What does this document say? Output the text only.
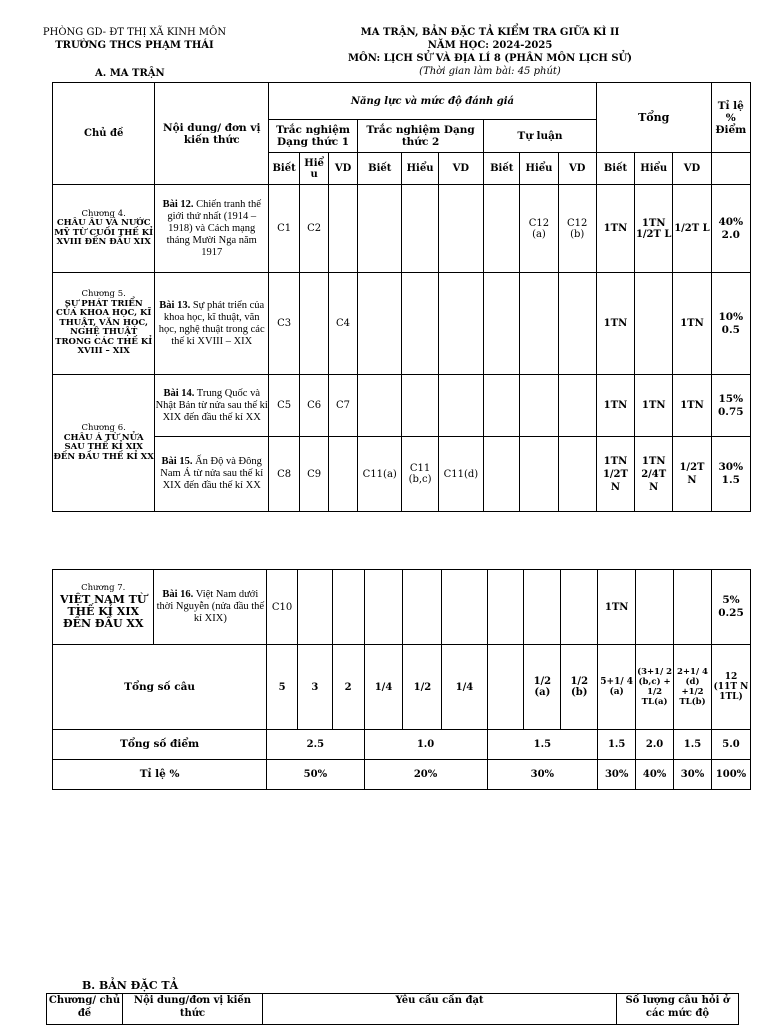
PHÒNG GD- ĐT THỊ XÃ KINH MÔN
TRƯỜNG THCS PHẠM THÁI
MA TRẬN, BẢN ĐẶC TẢ KIỂM TRA GIỮA KÌ II
NĂM HỌC: 2024-2025
MÔN: LỊCH SỬ VÀ ĐỊA LÍ 8 (PHÂN MÔN LỊCH SỬ)
(Thời gian làm bài: 45 phút)
A. MA TRẬN
Chủ đề	Nội dung/ đơn vị kiến thức	Năng lực và mức độ đánh giá									Tổng			Tỉ lệ % Điểm
		Trắc nghiệm Dạng thức 1			Trắc nghiệm Dạng thức 2			Tự luận						
		Biết	Hiể u	VD	Biết	Hiểu	VD	Biết	Hiểu	VD	Biết	Hiểu	VD	

Chương 4.
CHÂU ÂU VÀ NƯỚC MỸ TỪ CUỐI THẾ KỈ XVIII ĐẾN ĐẦU XIX	Bài 12. Chiến tranh thế giới thứ nhất (1914 – 1918) và Cách mạng tháng Mười Nga năm 1917	C1	C2						C12 (a)	C12 (b)	1TN	1TN 1/2T L	1/2T L	40% 2.0

Chương 5.
SỰ PHÁT TRIỂN CỦA KHOA HỌC, KĨ THUẬT, VĂN HỌC, NGHỆ THUẬT TRONG CÁC THẾ KỈ XVIII – XIX	Bài 13. Sự phát triển của khoa học, kĩ thuật, văn học, nghệ thuật trong các thế kỉ XVIII – XIX	C3		C4							1TN		1TN	10% 0.5

Chương 6.
CHÂU Á TỪ NỬA SAU THẾ KỈ XIX ĐẾN ĐẦU THẾ KỈ XX	Bài 14. Trung Quốc và Nhật Bản từ nửa sau thế kỉ XIX đến đầu thế kỉ XX	C5	C6	C7							1TN	1TN	1TN	15% 0.75
	Bài 15. Ấn Độ và Đông Nam Á từ nửa sau thế kỉ XIX đến đầu thế kỉ XX	C8	C9		C11(a)	C11 (b,c)	C11(d)				1TN 1/2T N	1TN 2/4T N	1/2T N	30% 1.5
Chương 7.
VIỆT NAM TỪ THẾ KỈ XIX ĐẾN ĐẦU XX	Bài 16. Việt Nam dưới thời Nguyễn (nửa đầu thế kỉ XIX)	C10									1TN			5% 0.25
Tổng số câu		5	3	2	1/4	1/2	1/4		1/2 (a)	1/2 (b)	5+1/ 4 (a)	(3+1/ 2 (b,c) + 1/2 TL(a)	2+1/ 4 (d) +1/2 TL(b)	12 (11T N 1TL)
Tổng số điểm		2.5			1.0			1.5			1.5	2.0	1.5	5.0
Tỉ lệ %		50%			20%			30%			30%	40%	30%	100%
B. BẢN ĐẶC TẢ
Chương/ chủ đề	Nội dung/đơn vị kiến thức	Yêu cầu cần đạt	Số lượng câu hỏi ở các mức độ
